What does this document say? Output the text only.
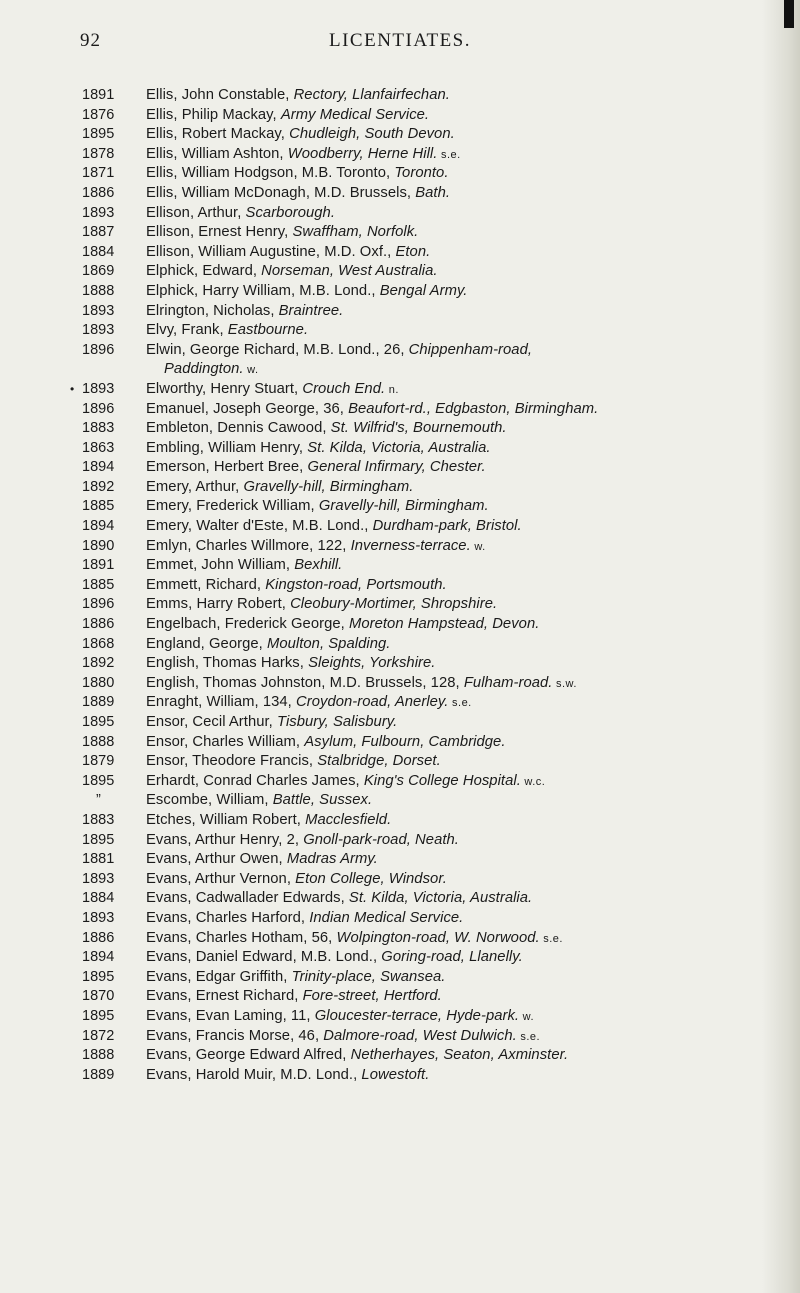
92	LICENTIATES.
1891	Ellis, John Constable, Rectory, Llanfairfechan.
1876	Ellis, Philip Mackay, Army Medical Service.
1895	Ellis, Robert Mackay, Chudleigh, South Devon.
1878	Ellis, William Ashton, Woodberry, Herne Hill. s.e.
1871	Ellis, William Hodgson, M.B. Toronto, Toronto.
1886	Ellis, William McDonagh, M.D. Brussels, Bath.
1893	Ellison, Arthur, Scarborough.
1887	Ellison, Ernest Henry, Swaffham, Norfolk.
1884	Ellison, William Augustine, M.D. Oxf., Eton.
1869	Elphick, Edward, Norseman, West Australia.
1888	Elphick, Harry William, M.B. Lond., Bengal Army.
1893	Elrington, Nicholas, Braintree.
1893	Elvy, Frank, Eastbourne.
1896	Elwin, George Richard, M.B. Lond., 26, Chippenham-road,
Paddington. w.
• 1893	Elworthy, Henry Stuart, Crouch End. n.
1896	Emanuel, Joseph George, 36, Beaufort-rd., Edgbaston, Birmingham.
1883	Embleton, Dennis Cawood, St. Wilfrid's, Bournemouth.
1863	Embling, William Henry, St. Kilda, Victoria, Australia.
1894	Emerson, Herbert Bree, General Infirmary, Chester.
1892	Emery, Arthur, Gravelly-hill, Birmingham.
1885	Emery, Frederick William, Gravelly-hill, Birmingham.
1894	Emery, Walter d'Este, M.B. Lond., Durdham-park, Bristol.
1890	Emlyn, Charles Willmore, 122, Inverness-terrace. w.
1891	Emmet, John William, Bexhill.
1885	Emmett, Richard, Kingston-road, Portsmouth.
1896	Emms, Harry Robert, Cleobury-Mortimer, Shropshire.
1886	Engelbach, Frederick George, Moreton Hampstead, Devon.
1868	England, George, Moulton, Spalding.
1892	English, Thomas Harks, Sleights, Yorkshire.
1880	English, Thomas Johnston, M.D. Brussels, 128, Fulham-road. s.w.
1889	Enraght, William, 134, Croydon-road, Anerley. s.e.
1895	Ensor, Cecil Arthur, Tisbury, Salisbury.
1888	Ensor, Charles William, Asylum, Fulbourn, Cambridge.
1879	Ensor, Theodore Francis, Stalbridge, Dorset.
1895	Erhardt, Conrad Charles James, King's College Hospital. w.c.
”	Escombe, William, Battle, Sussex.
1883	Etches, William Robert, Macclesfield.
1895	Evans, Arthur Henry, 2, Gnoll-park-road, Neath.
1881	Evans, Arthur Owen, Madras Army.
1893	Evans, Arthur Vernon, Eton College, Windsor.
1884	Evans, Cadwallader Edwards, St. Kilda, Victoria, Australia.
1893	Evans, Charles Harford, Indian Medical Service.
1886	Evans, Charles Hotham, 56, Wolpington-road, W. Norwood. s.e.
1894	Evans, Daniel Edward, M.B. Lond., Goring-road, Llanelly.
1895	Evans, Edgar Griffith, Trinity-place, Swansea.
1870	Evans, Ernest Richard, Fore-street, Hertford.
1895	Evans, Evan Laming, 11, Gloucester-terrace, Hyde-park. w.
1872	Evans, Francis Morse, 46, Dalmore-road, West Dulwich. s.e.
1888	Evans, George Edward Alfred, Netherhayes, Seaton, Axminster.
1889	Evans, Harold Muir, M.D. Lond., Lowestoft.
